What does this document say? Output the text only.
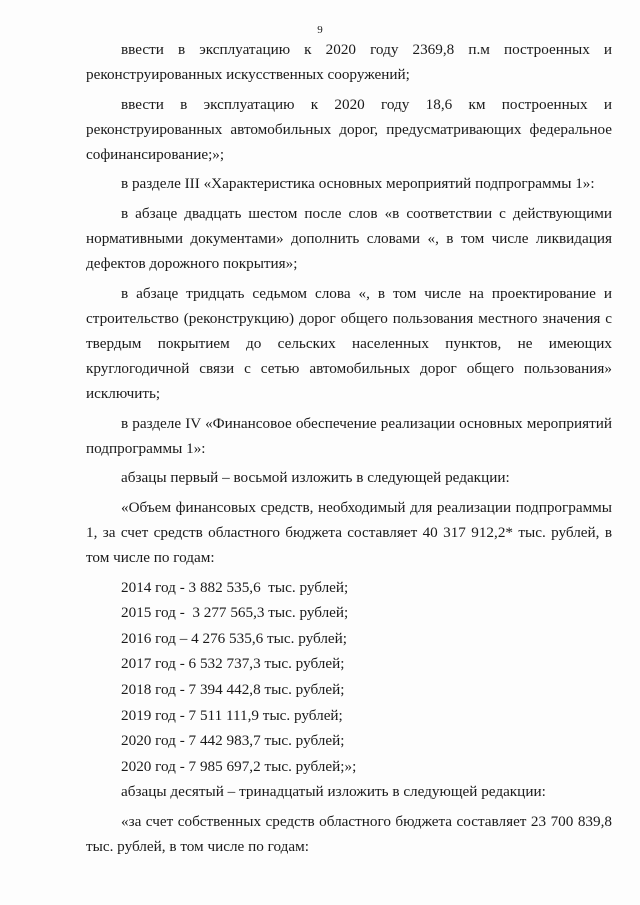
9

ввести в эксплуатацию к 2020 году 2369,8 п.м построенных и реконструированных искусственных сооружений;

ввести в эксплуатацию к 2020 году 18,6 км построенных и реконструированных автомобильных дорог, предусматривающих федеральное софинансирование;»;

в разделе III «Характеристика основных мероприятий подпрограммы 1»:

в абзаце двадцать шестом после слов «в соответствии с действующими нормативными документами» дополнить словами «, в том числе ликвидация дефектов дорожного покрытия»;

в абзаце тридцать седьмом слова «, в том числе на проектирование и строительство (реконструкцию) дорог общего пользования местного значения с твердым покрытием до сельских населенных пунктов, не имеющих круглогодичной связи с сетью автомобильных дорог общего пользования» исключить;

в разделе IV «Финансовое обеспечение реализации основных мероприятий подпрограммы 1»:

абзацы первый – восьмой изложить в следующей редакции:

«Объем финансовых средств, необходимый для реализации подпрограммы 1, за счет средств областного бюджета составляет 40 317 912,2* тыс. рублей, в том числе по годам:

2014 год - 3 882 535,6  тыс. рублей;

2015 год -  3 277 565,3 тыс. рублей;

2016 год – 4 276 535,6 тыс. рублей;

2017 год - 6 532 737,3 тыс. рублей;

2018 год - 7 394 442,8 тыс. рублей;

2019 год - 7 511 111,9 тыс. рублей;

2020 год - 7 442 983,7 тыс. рублей;

2020 год - 7 985 697,2 тыс. рублей;»;

абзацы десятый – тринадцатый изложить в следующей редакции:

«за счет собственных средств областного бюджета составляет 23 700 839,8 тыс. рублей, в том числе по годам:
